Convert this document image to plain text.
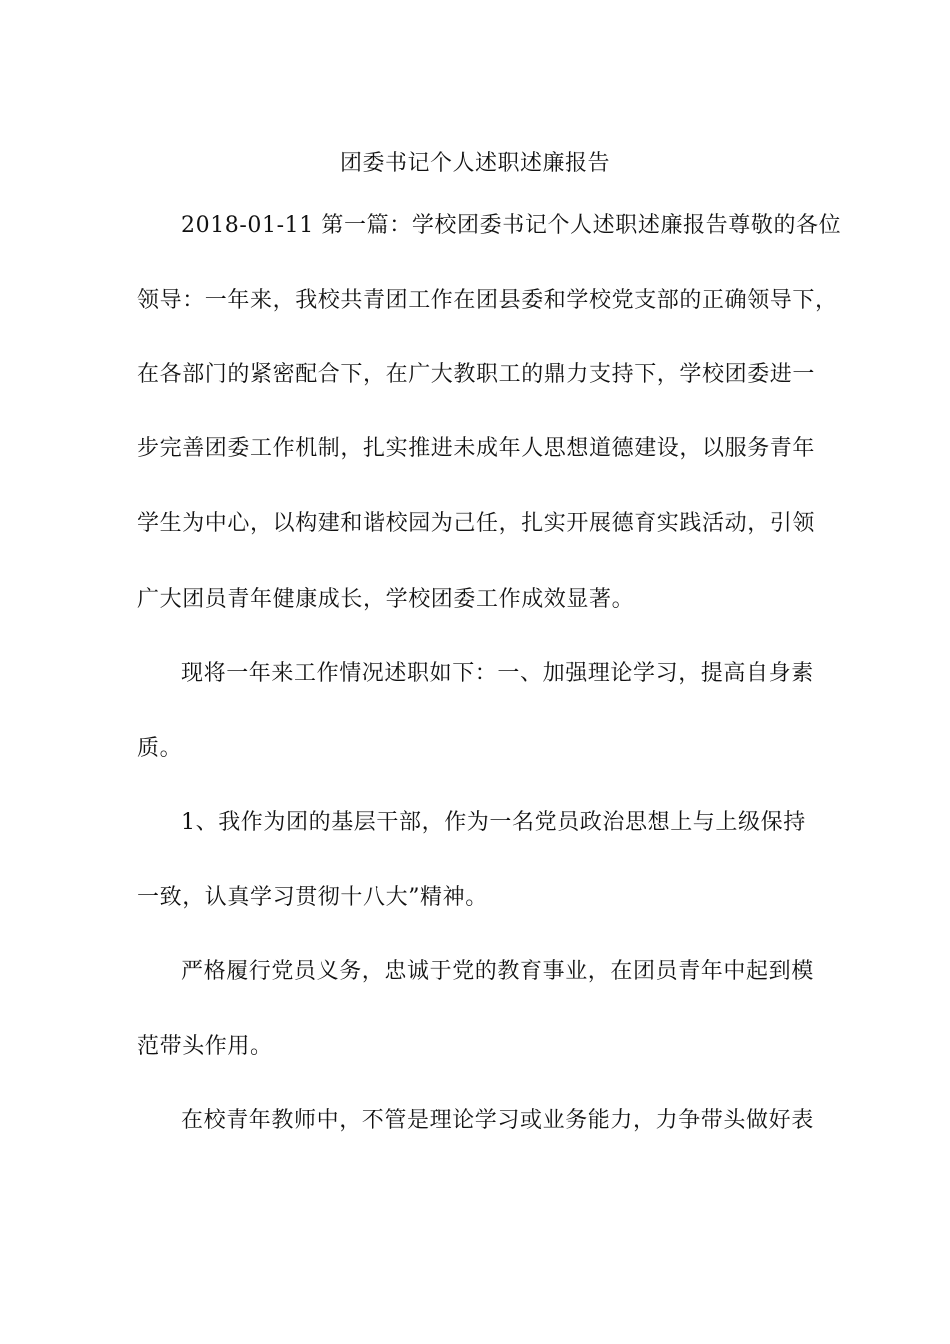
团委书记个人述职述廉报告
2018-01-11 第一篇：学校团委书记个人述职述廉报告尊敬的各位
领导：一年来，我校共青团工作在团县委和学校党支部的正确领导下，
在各部门的紧密配合下，在广大教职工的鼎力支持下，学校团委进一
步完善团委工作机制，扎实推进未成年人思想道德建设，以服务青年
学生为中心，以构建和谐校园为己任，扎实开展德育实践活动，引领
广大团员青年健康成长，学校团委工作成效显著。
现将一年来工作情况述职如下：一、加强理论学习，提高自身素
质。
1、我作为团的基层干部，作为一名党员政治思想上与上级保持
一致，认真学习贯彻十八大”精神。
严格履行党员义务，忠诚于党的教育事业，在团员青年中起到模
范带头作用。
在校青年教师中，不管是理论学习或业务能力，力争带头做好表
